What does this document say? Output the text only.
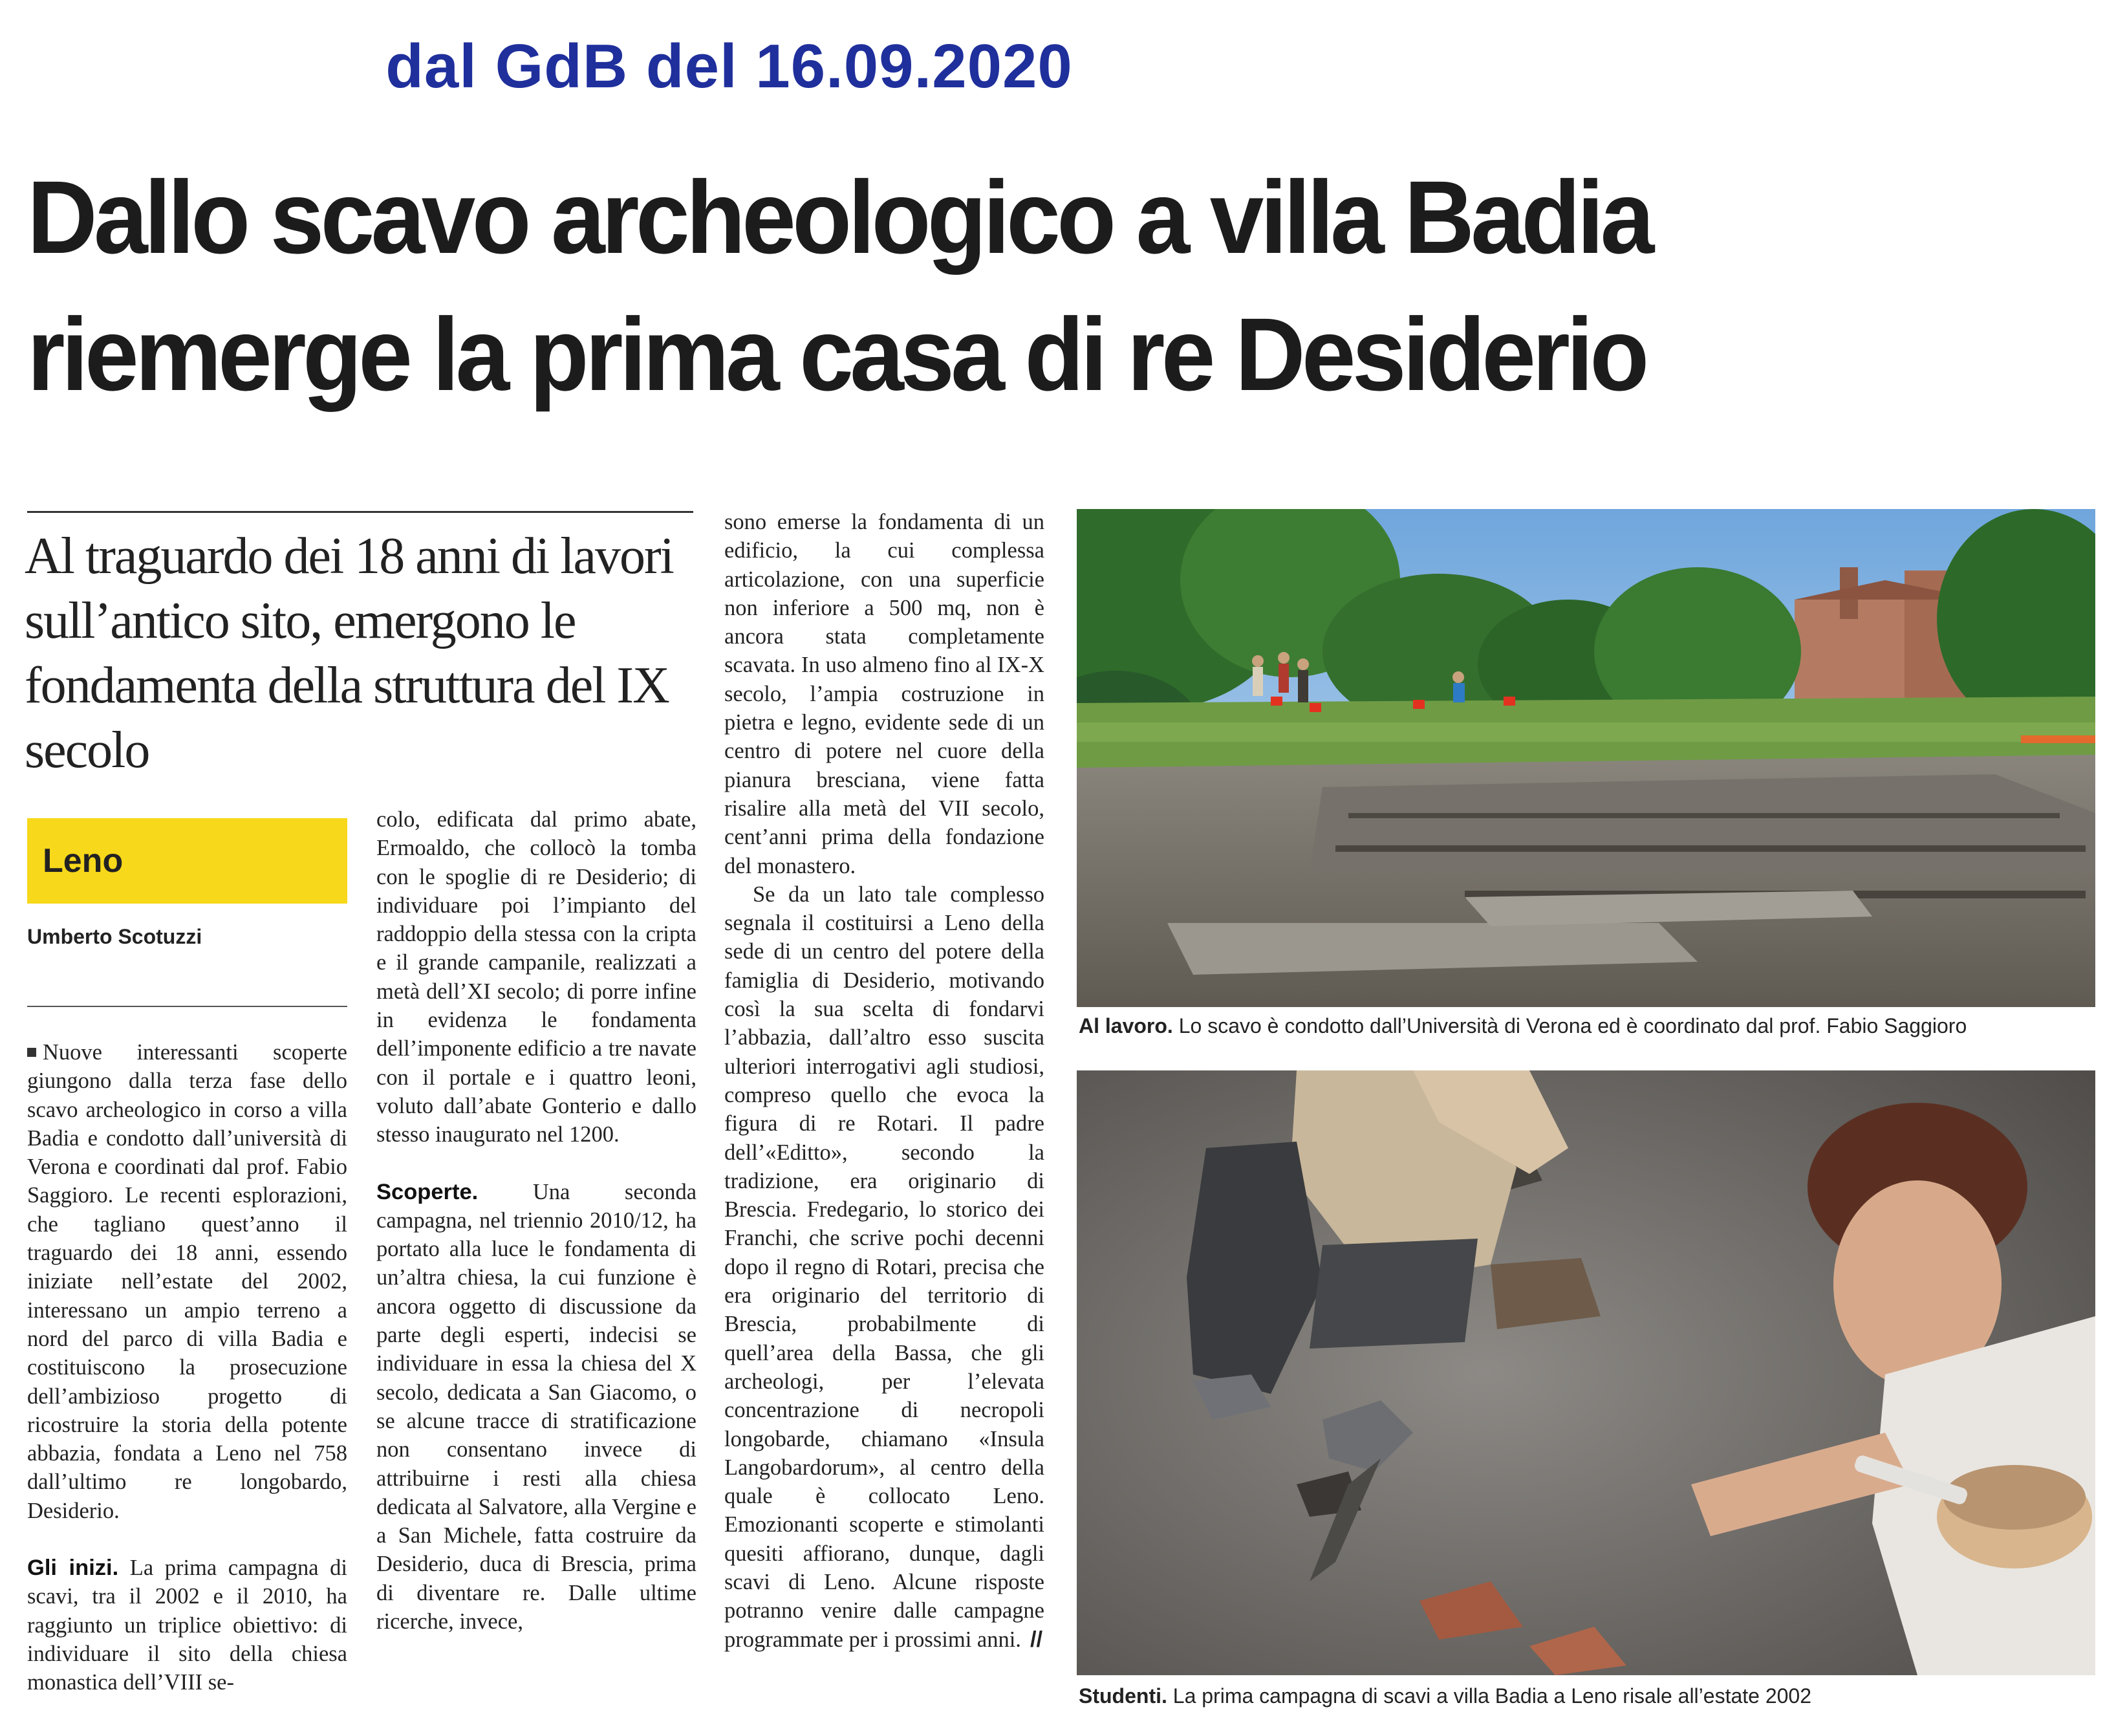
dal GdB del 16.09.2020
Dallo scavo archeologico a villa Badia
riemerge la prima casa di re Desiderio
Al traguardo dei 18 anni di lavori sull’antico sito, emergono le fondamenta della struttura del IX secolo
Leno
Umberto Scotuzzi

Nuove interessanti scoperte giungono dalla terza fase dello scavo archeologico in corso a villa Badia e condotto dall’università di Verona e coordinati dal prof. Fabio Saggioro. Le recenti esplorazioni, che tagliano quest’anno il traguardo dei 18 anni, essendo iniziate nell’estate del 2002, interessano un ampio terreno a nord del parco di villa Badia e costituiscono la prosecuzione dell’ambizioso progetto di ricostruire la storia della potente abbazia, fondata a Leno nel 758 dall’ultimo re longobardo, Desiderio.

Gli inizi. La prima campagna di scavi, tra il 2002 e il 2010, ha raggiunto un triplice obiettivo: di individuare il sito della chiesa monastica dell’VIII se-

colo, edificata dal primo abate, Ermoaldo, che collocò la tomba con le spoglie di re Desiderio; di individuare poi l’impianto del raddoppio della stessa con la cripta e il grande campanile, realizzati a metà dell’XI secolo; di porre infine in evidenza le fondamenta dell’imponente edificio a tre navate con il portale e i quattro leoni, voluto dall’abate Gonterio e dallo stesso inaugurato nel 1200.

Scoperte. Una seconda campagna, nel triennio 2010/12, ha portato alla luce le fondamenta di un’altra chiesa, la cui funzione è ancora oggetto di discussione da parte degli esperti, indecisi se individuare in essa la chiesa del X secolo, dedicata a San Giacomo, o se alcune tracce di stratificazione non consentano invece di attribuirne i resti alla chiesa dedicata al Salvatore, alla Vergine e a San Michele, fatta costruire da Desiderio, duca di Brescia, prima di diventare re. Dalle ultime ricerche, invece,

sono emerse la fondamenta di un edificio, la cui complessa articolazione, con una superficie non inferiore a 500 mq, non è ancora stata completamente scavata. In uso almeno fino al IX-X secolo, l’ampia costruzione in pietra e legno, evidente sede di un centro di potere nel cuore della pianura bresciana, viene fatta risalire alla metà del VII secolo, cent’anni prima della fondazione del monastero.

Se da un lato tale complesso segnala il costituirsi a Leno della sede di un centro del potere della famiglia di Desiderio, motivando così la sua scelta di fondarvi l’abbazia, dall’altro esso suscita ulteriori interrogativi agli studiosi, compreso quello che evoca la figura di re Rotari. Il padre dell’«Editto», secondo la tradizione, era originario di Brescia. Fredegario, lo storico dei Franchi, che scrive pochi decenni dopo il regno di Rotari, precisa che era originario del territorio di Brescia, probabilmente di quell’area della Bassa, che gli archeologi, per l’elevata concentrazione di necropoli longobarde, chiamano «Insula Langobardorum», al centro della quale è collocato Leno. Emozionanti scoperte e stimolanti quesiti affiorano, dunque, dagli scavi di Leno. Alcune risposte potranno venire dalle campagne programmate per i prossimi anni. //

Al lavoro. Lo scavo è condotto dall’Università di Verona ed è coordinato dal prof. Fabio Saggioro
Studenti. La prima campagna di scavi a villa Badia a Leno risale all’estate 2002
